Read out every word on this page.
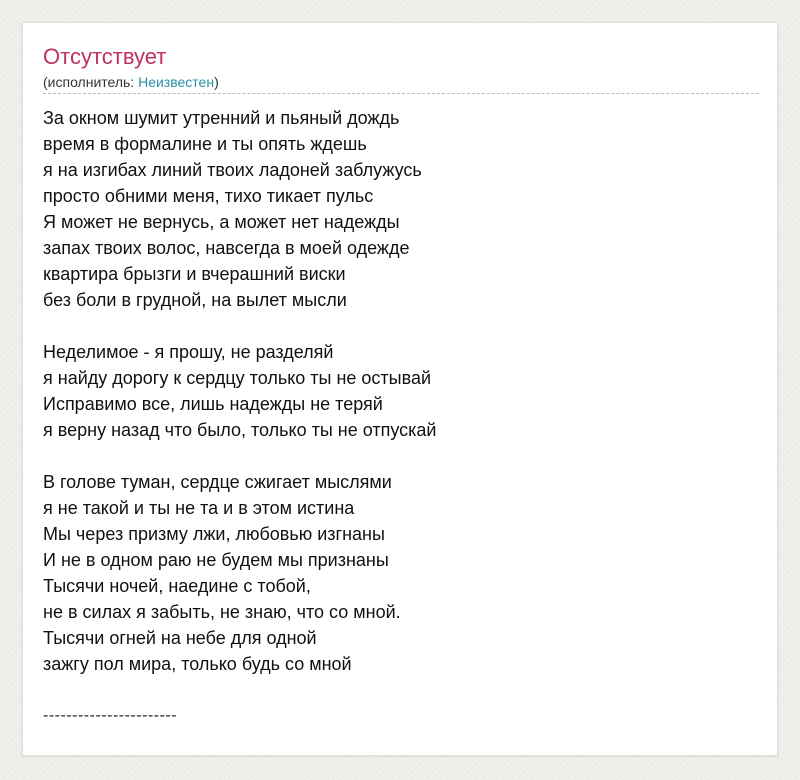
Отсутствует
(исполнитель: Неизвестен)
За окном шумит утренний и пьяный дождь
время в формалине и ты опять ждешь
я на изгибах линий твоих ладоней заблужусь
просто обними меня, тихо тикает пульс
Я может не вернусь, а может нет надежды
запах твоих волос, навсегда в моей одежде
квартира брызги и вчерашний виски
без боли в грудной, на вылет мысли
Неделимое - я прошу, не разделяй
я найду дорогу к сердцу только ты не остывай
Исправимо все, лишь надежды не теряй
я верну назад что было, только ты не отпускай
В голове туман, сердце сжигает мыслями
я не такой и ты не та и в этом истина
Мы через призму лжи, любовью изгнаны
И не в одном раю не будем мы признаны
Тысячи ночей, наедине с тобой,
не в силах я забыть, не знаю, что со мной.
Тысячи огней на небе для одной
зажгу пол мира, только будь со мной
-----------------------
